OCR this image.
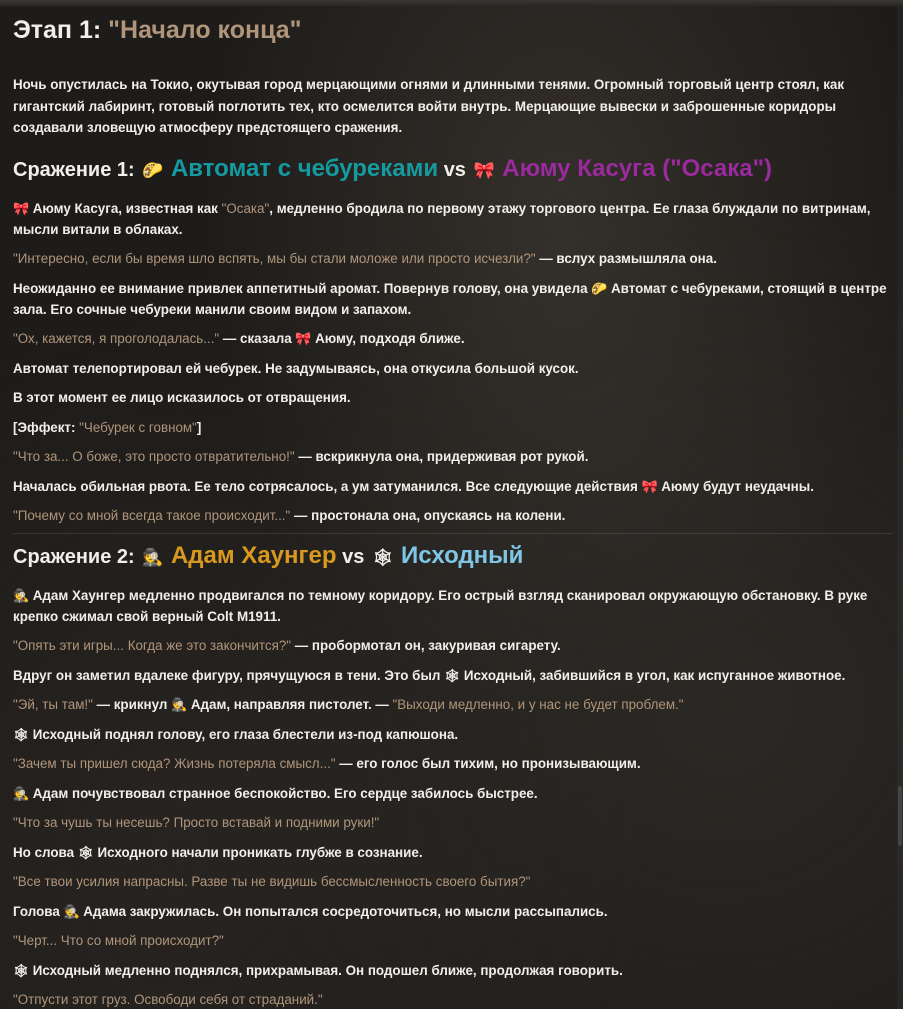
Этап 1: "Начало конца"

Ночь опустилась на Токио, окутывая город мерцающими огнями и длинными тенями. Огромный торговый центр стоял, как гигантский лабиринт, готовый поглотить тех, кто осмелится войти внутрь. Мерцающие вывески и заброшенные коридоры создавали зловещую атмосферу предстоящего сражения.

Сражение 1: 🌮 Автомат с чебуреками vs 🎀 Аюму Касуга ("Осака")

🎀 Аюму Касуга, известная как "Осака", медленно бродила по первому этажу торгового центра. Ее глаза блуждали по витринам, мысли витали в облаках.

"Интересно, если бы время шло вспять, мы бы стали моложе или просто исчезли?" — вслух размышляла она.

Неожиданно ее внимание привлек аппетитный аромат. Повернув голову, она увидела 🌮 Автомат с чебуреками, стоящий в центре зала. Его сочные чебуреки манили своим видом и запахом.

"Ох, кажется, я проголодалась..." — сказала 🎀 Аюму, подходя ближе.

Автомат телепортировал ей чебурек. Не задумываясь, она откусила большой кусок.

В этот момент ее лицо исказилось от отвращения.

[Эффект: "Чебурек с говном"]

"Что за... О боже, это просто отвратительно!" — вскрикнула она, придерживая рот рукой.

Началась обильная рвота. Ее тело сотрясалось, а ум затуманился. Все следующие действия 🎀 Аюму будут неудачны.

"Почему со мной всегда такое происходит..." — простонала она, опускаясь на колени.

Сражение 2: 🕵 Адам Хаунгер vs 🕸 Исходный

🕵 Адам Хаунгер медленно продвигался по темному коридору. Его острый взгляд сканировал окружающую обстановку. В руке крепко сжимал свой верный Colt M1911.

"Опять эти игры... Когда же это закончится?" — пробормотал он, закуривая сигарету.

Вдруг он заметил вдалеке фигуру, прячущуюся в тени. Это был 🕸 Исходный, забившийся в угол, как испуганное животное.

"Эй, ты там!" — крикнул 🕵 Адам, направляя пистолет. — "Выходи медленно, и у нас не будет проблем."

🕸 Исходный поднял голову, его глаза блестели из-под капюшона.

"Зачем ты пришел сюда? Жизнь потеряла смысл..." — его голос был тихим, но пронизывающим.

🕵 Адам почувствовал странное беспокойство. Его сердце забилось быстрее.

"Что за чушь ты несешь? Просто вставай и подними руки!"

Но слова 🕸 Исходного начали проникать глубже в сознание.

"Все твои усилия напрасны. Разве ты не видишь бессмысленность своего бытия?"

Голова 🕵 Адама закружилась. Он попытался сосредоточиться, но мысли рассыпались.

"Черт... Что со мной происходит?"

🕸 Исходный медленно поднялся, прихрамывая. Он подошел ближе, продолжая говорить.

"Отпусти этот груз. Освободи себя от страданий."
